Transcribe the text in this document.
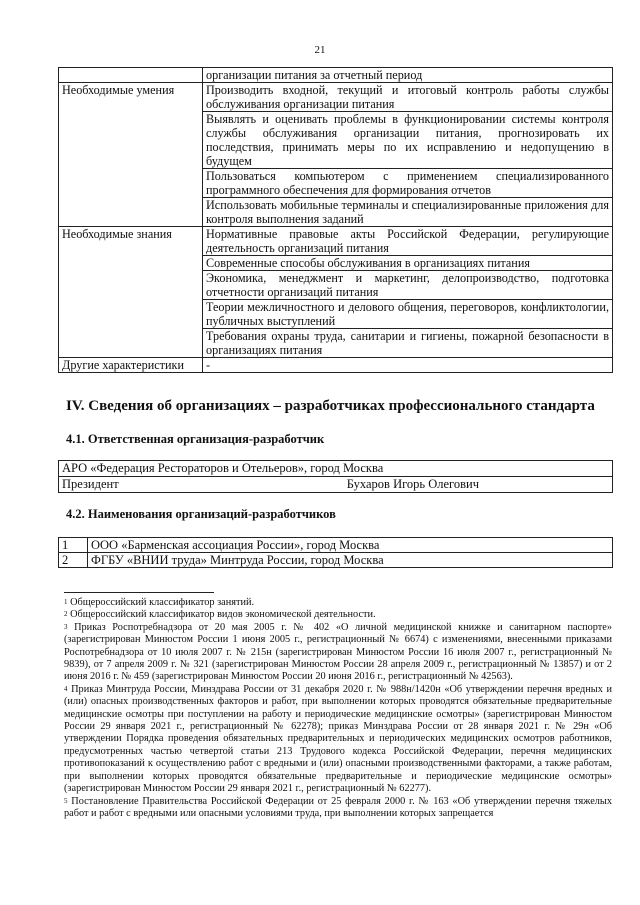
21
	организации питания за отчетный период
Необходимые умения	Производить входной, текущий и итоговый контроль работы службы обслуживания организации питания
	Выявлять и оценивать проблемы в функционировании системы контроля службы обслуживания организации питания, прогнозировать их последствия, принимать меры по их исправлению и недопущению в будущем
	Пользоваться компьютером с применением специализированного программного обеспечения для формирования отчетов
	Использовать мобильные терминалы и специализированные приложения для контроля выполнения заданий
Необходимые знания	Нормативные правовые акты Российской Федерации, регулирующие деятельность организаций питания
	Современные способы обслуживания в организациях питания
	Экономика, менеджмент и маркетинг, делопроизводство, подготовка отчетности организаций питания
	Теории межличностного и делового общения, переговоров, конфликтологии, публичных выступлений
	Требования охраны труда, санитарии и гигиены, пожарной безопасности в организациях питания
Другие характеристики	-
IV. Сведения об организациях – разработчиках профессионального стандарта
4.1. Ответственная организация-разработчик
АРО «Федерация Рестораторов и Отельеров», город Москва

Президент	Бухаров Игорь Олегович
4.2. Наименования организаций-разработчиков
1	ООО «Барменская ассоциация России», город Москва
2	ФГБУ «ВНИИ труда» Минтруда России, город Москва

$^1$ Общероссийский классификатор занятий.

$^2$ Общероссийский классификатор видов экономической деятельности.

$^3$ Приказ Роспотребнадзора от 20 мая 2005 г. № 402 «О личной медицинской книжке и санитарном паспорте» (зарегистрирован Минюстом России 1 июня 2005 г., регистрационный № 6674) с изменениями, внесенными приказами Роспотребнадзора от 10 июля 2007 г. № 215н (зарегистрирован Минюстом России 16 июля 2007 г., регистрационный № 9839), от 7 апреля 2009 г. № 321 (зарегистрирован Минюстом России 28 апреля 2009 г., регистрационный № 13857) и от 2 июня 2016 г. № 459 (зарегистрирован Минюстом России 20 июня 2016 г., регистрационный № 42563).

$^4$ Приказ Минтруда России, Минздрава России от 31 декабря 2020 г. № 988н/1420н «Об утверждении перечня вредных и (или) опасных производственных факторов и работ, при выполнении которых проводятся обязательные предварительные медицинские осмотры при поступлении на работу и периодические медицинские осмотры» (зарегистрирован Минюстом России 29 января 2021 г., регистрационный № 62278); приказ Минздрава России от 28 января 2021 г. № 29н «Об утверждении Порядка проведения обязательных предварительных и периодических медицинских осмотров работников, предусмотренных частью четвертой статьи 213 Трудового кодекса Российской Федерации, перечня медицинских противопоказаний к осуществлению работ с вредными и (или) опасными производственными факторами, а также работам, при выполнении которых проводятся обязательные предварительные и периодические медицинские осмотры» (зарегистрирован Минюстом России 29 января 2021 г., регистрационный № 62277).

$^5$ Постановление Правительства Российской Федерации от 25 февраля 2000 г. № 163 «Об утверждении перечня тяжелых работ и работ с вредными или опасными условиями труда, при выполнении которых запрещается
